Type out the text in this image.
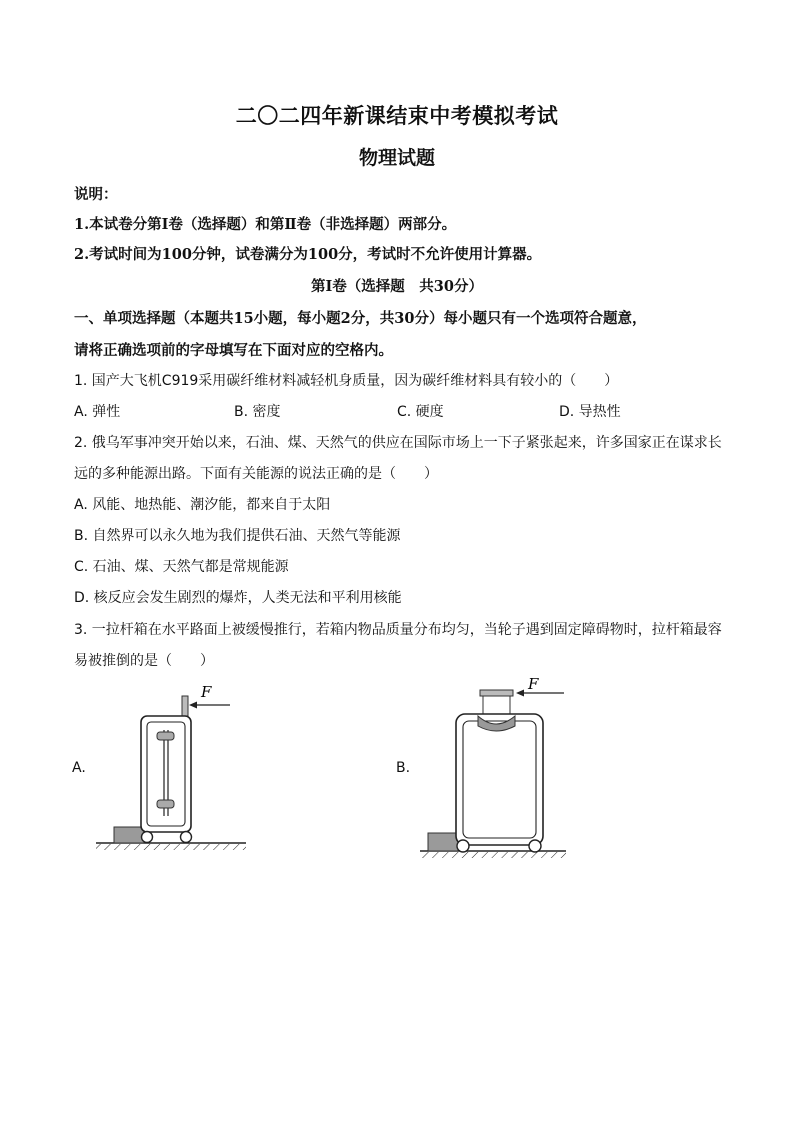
二〇二四年新课结束中考模拟考试
物理试题
说明：
1.本试卷分第Ⅰ卷（选择题）和第Ⅱ卷（非选择题）两部分。
2.考试时间为100分钟，试卷满分为100分，考试时不允许使用计算器。
第Ⅰ卷（选择题　共30分）
一、单项选择题（本题共15小题，每小题2分，共30分）每小题只有一个选项符合题意，
请将正确选项前的字母填写在下面对应的空格内。
1. 国产大飞机C919采用碳纤维材料减轻机身质量，因为碳纤维材料具有较小的（　　）
A. 弹性	B. 密度	C. 硬度	D. 导热性
2. 俄乌军事冲突开始以来，石油、煤、天然气的供应在国际市场上一下子紧张起来，许多国家正在谋求长
远的多种能源出路。下面有关能源的说法正确的是（　　）
A. 风能、地热能、潮汐能，都来自于太阳
B. 自然界可以永久地为我们提供石油、天然气等能源
C. 石油、煤、天然气都是常规能源
D. 核反应会发生剧烈的爆炸，人类无法和平利用核能
3. 一拉杆箱在水平路面上被缓慢推行，若箱内物品质量分布均匀，当轮子遇到固定障碍物时，拉杆箱最容
易被推倒的是（　　）
A.	B.
F	F
